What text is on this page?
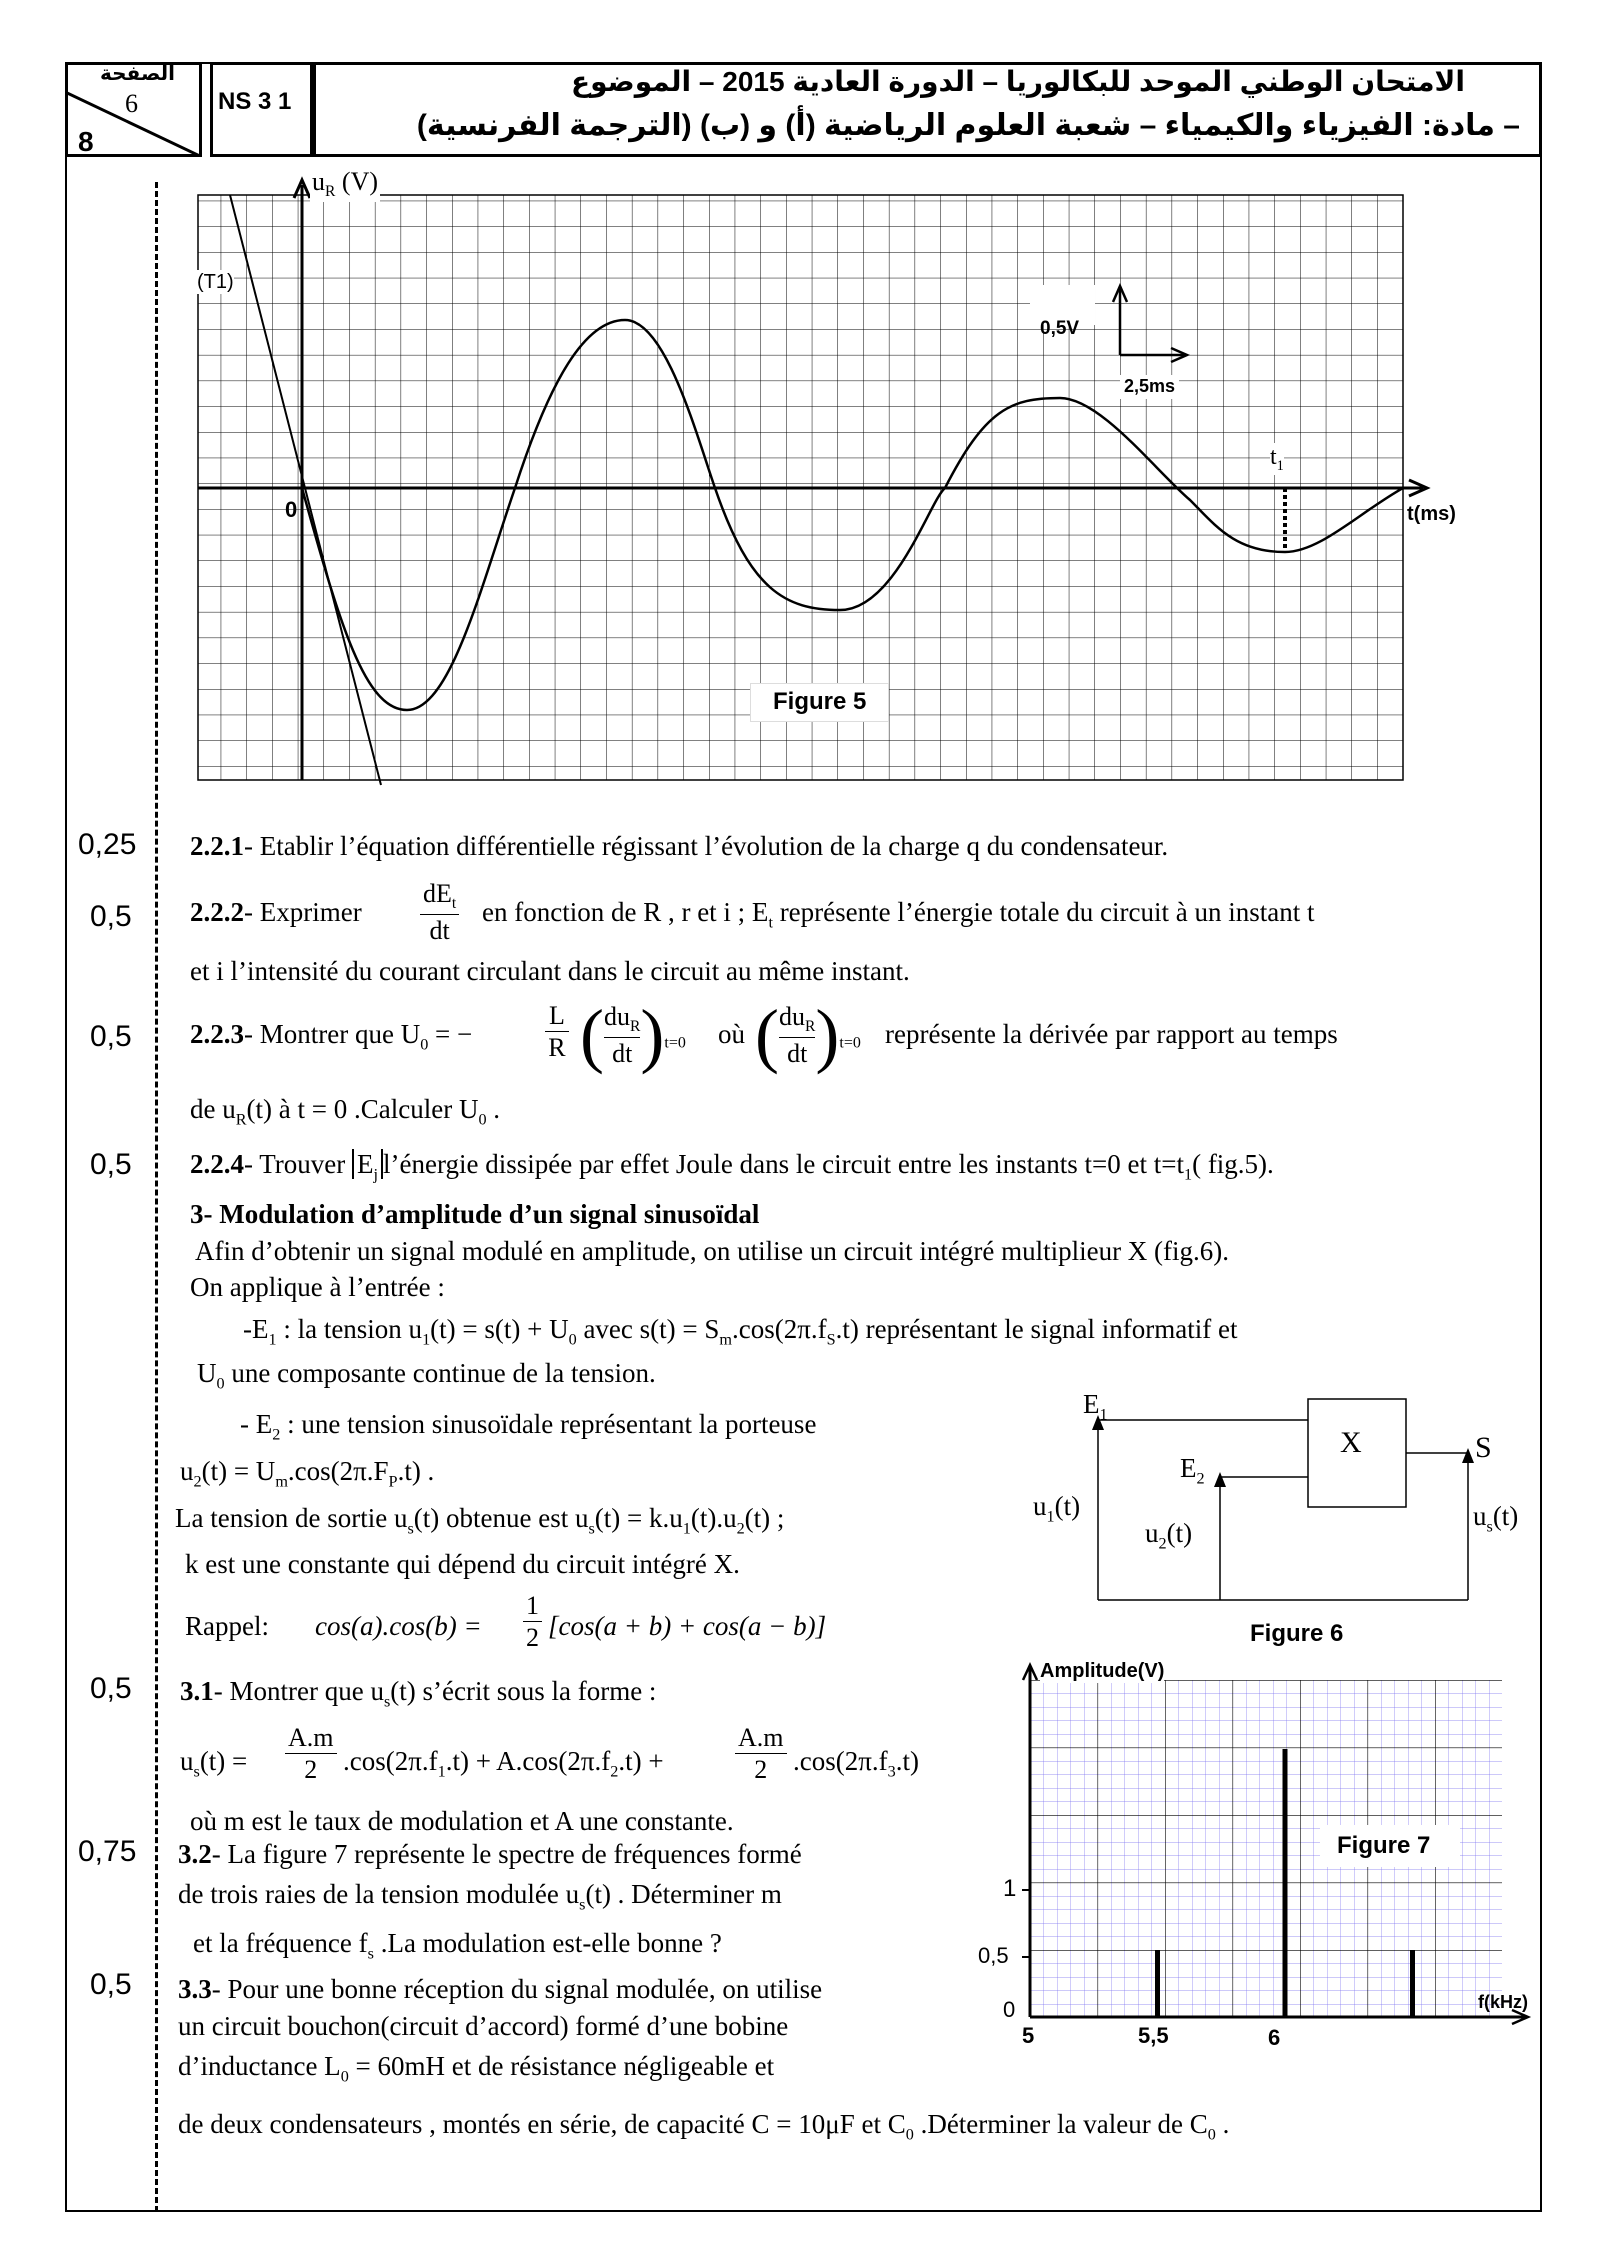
الصفحة
6
8
NS 3 1
الامتحان الوطني الموحد للبكالوريا – الدورة العادية 2015 – الموضوع
– مادة: الفيزياء والكيمياء – شعبة العلوم الرياضية (أ) و (ب) (الترجمة الفرنسية)
$u_R$ (V)
(T1)
0	t(ms)
0,5V
2,5ms
$t_1$
Figure 5
0,25
0,5
0,5
0,5
0,5
0,75
0,5
2.2.1- Etablir l’équation différentielle régissant l’évolution de la charge q du condensateur.
2.2.2- Exprimer
$dE_t$
dt
en fonction de R , r et i ; $E_t$ représente l’énergie totale du circuit à un instant t
et i l’intensité du courant circulant dans le circuit au même instant.
2.2.3- Montrer que $U_0$ = −
L
R ( $du_R$
dt )$_{t=0}$ où ( $du_R$
dt )$_{t=0}$ représente la dérivée par rapport au temps
de $u_R(t)$ à t = 0 .Calculer $U_0$ .
2.2.4- Trouver $E_j$ l’énergie dissipée par effet Joule dans le circuit entre les instants t=0 et $t=t_1$( fig.5).
3- Modulation d’amplitude d’un signal sinusoïdal
Afin d’obtenir un signal modulé en amplitude, on utilise un circuit intégré multiplieur X (fig.6).
On applique à l’entrée :
$-E_1$ : la tension $u_1(t) = s(t) + U_0$ avec $s(t) = S_m.\cos(2\pi.f_S.t)$ représentant le signal informatif et
$U_0$ une composante continue de la tension.
- $E_2$ : une tension sinusoïdale représentant la porteuse
$u_2(t) = U_m.\cos(2\pi.F_P.t)$ .
La tension de sortie $u_s(t)$ obtenue est $u_s(t) = k.u_1(t).u_2(t)$ ;
k est une constante qui dépend du circuit intégré X.
Rappel: cos(a).cos(b) =
1
2 [cos(a + b) + cos(a − b)]
3.1- Montrer que $u_s(t)$ s’écrit sous la forme :
$u_s(t)$ =
A.m
2 $.\cos(2\pi.f_1.t) + A.\cos(2\pi.f_2.t)$ +
A.m
2 $.\cos(2\pi.f_3.t)$
où m est le taux de modulation et A une constante.
3.2- La figure 7 représente le spectre de fréquences formé
de trois raies de la tension modulée $u_s(t)$ . Déterminer m
et la fréquence $f_s$ .La modulation est-elle bonne ?
3.3- Pour une bonne réception du signal modulée, on utilise
un circuit bouchon(circuit d’accord) formé d’une bobine
d’inductance $L_0 = 60mH$ et de résistance négligeable et
de deux condensateurs , montés en série, de capacité C = 10μF et $C_0$ .Déterminer la valeur de $C_0$ .
$E_1$
$E_2$
X	S
$u_1(t)$
$u_2(t)$
$u_s(t)$
Figure 6
Amplitude(V)
Figure 7
f(kHz)
1
0,5
0
5	5,5	6
